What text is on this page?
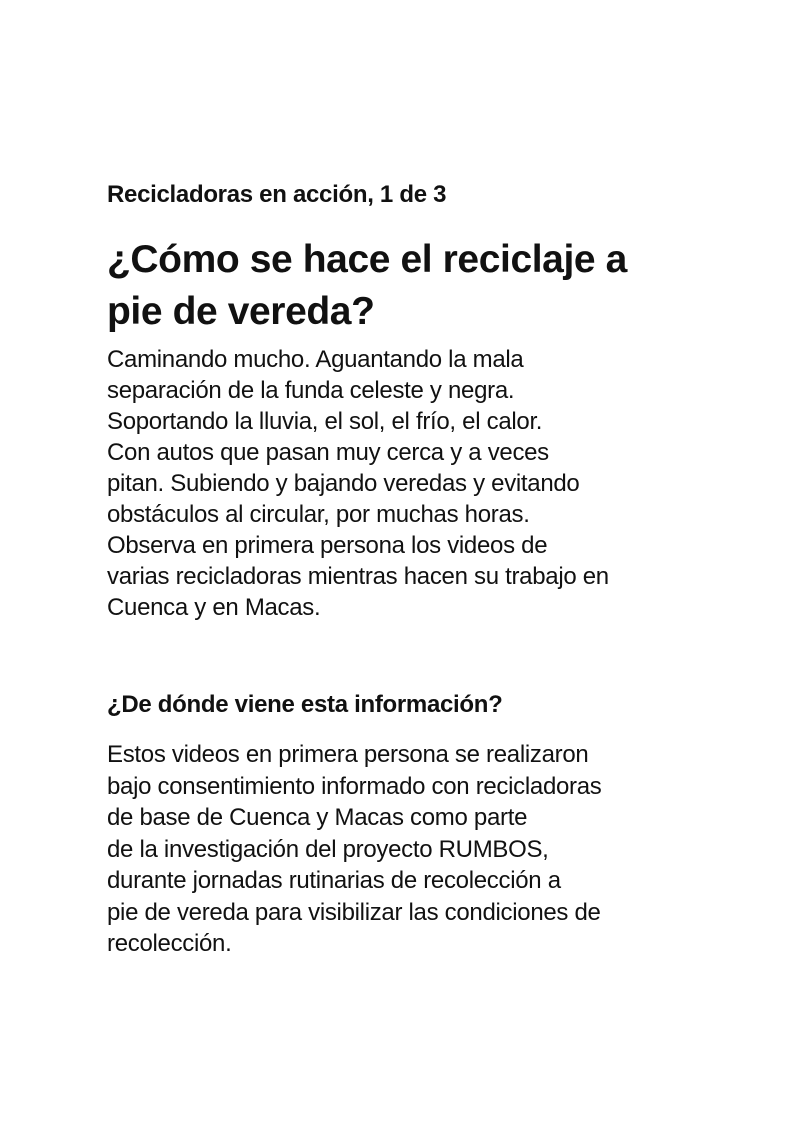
Recicladoras en acción, 1 de 3

¿Cómo se hace el reciclaje a
pie de vereda?

Caminando mucho. Aguantando la mala
separación de la funda celeste y negra.
Soportando la lluvia, el sol, el frío, el calor.
Con autos que pasan muy cerca y a veces
pitan. Subiendo y bajando veredas y evitando
obstáculos al circular, por muchas horas.
Observa en primera persona los videos de
varias recicladoras mientras hacen su trabajo en
Cuenca y en Macas.

¿De dónde viene esta información?

Estos videos en primera persona se realizaron
bajo consentimiento informado con recicladoras
de base de Cuenca y Macas como parte
de la investigación del proyecto RUMBOS,
durante jornadas rutinarias de recolección a
pie de vereda para visibilizar las condiciones de
recolección.
